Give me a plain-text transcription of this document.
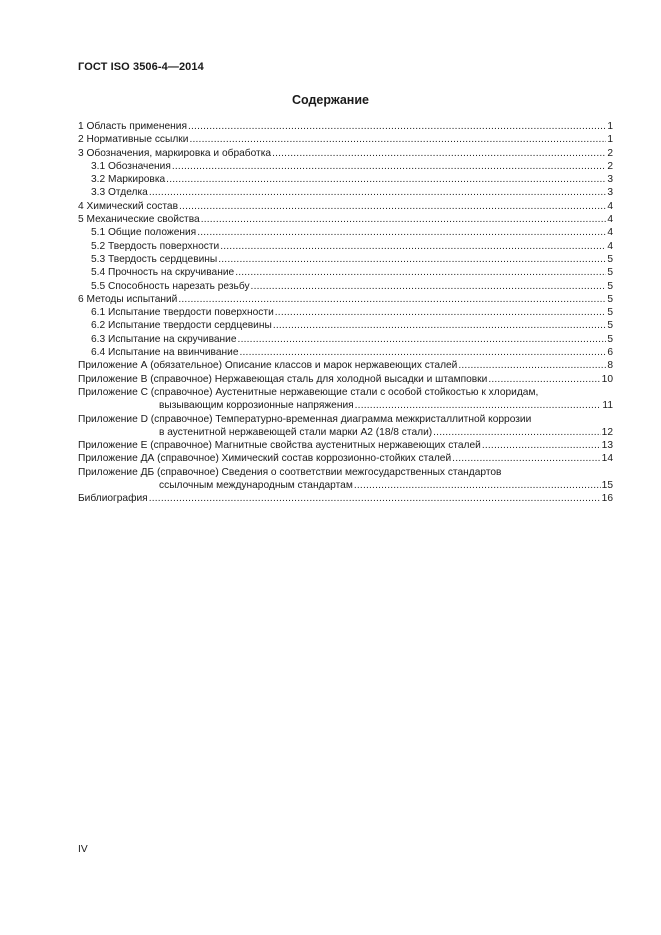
ГОСТ ISO 3506-4—2014
Содержание
1 Область применения .....	1
2 Нормативные ссылки .....	1
3 Обозначения, маркировка и обработка .....	2
3.1 Обозначения .....	2
3.2 Маркировка .....	3
3.3 Отделка .....	3
4 Химический состав .....	4
5 Механические свойства .....	4
5.1 Общие положения .....	4
5.2 Твердость поверхности .....	4
5.3 Твердость сердцевины .....	5
5.4 Прочность на скручивание .....	5
5.5 Способность нарезать резьбу .....	5
6 Методы испытаний .....	5
6.1 Испытание твердости поверхности .....	5
6.2 Испытание твердости сердцевины .....	5
6.3 Испытание на скручивание .....	5
6.4 Испытание на ввинчивание .....	6
Приложение А (обязательное) Описание классов и марок нержавеющих сталей .....	8
Приложение В (справочное) Нержавеющая сталь для холодной высадки и штамповки .....	10
Приложение С (справочное) Аустенитные нержавеющие стали с особой стойкостью к хлоридам,
вызывающим коррозионные напряжения .....	11
Приложение D (справочное) Температурно-временная диаграмма межкристаллитной коррозии
в аустенитной нержавеющей стали марки А2 (18/8 стали) .....	12
Приложение Е (справочное) Магнитные свойства аустенитных нержавеющих сталей .....	13
Приложение ДА (справочное) Химический состав коррозионно-стойких сталей .....	14
Приложение ДБ (справочное) Сведения о соответствии межгосударственных стандартов
ссылочным международным стандартам .....	15
Библиография .....	16
IV
